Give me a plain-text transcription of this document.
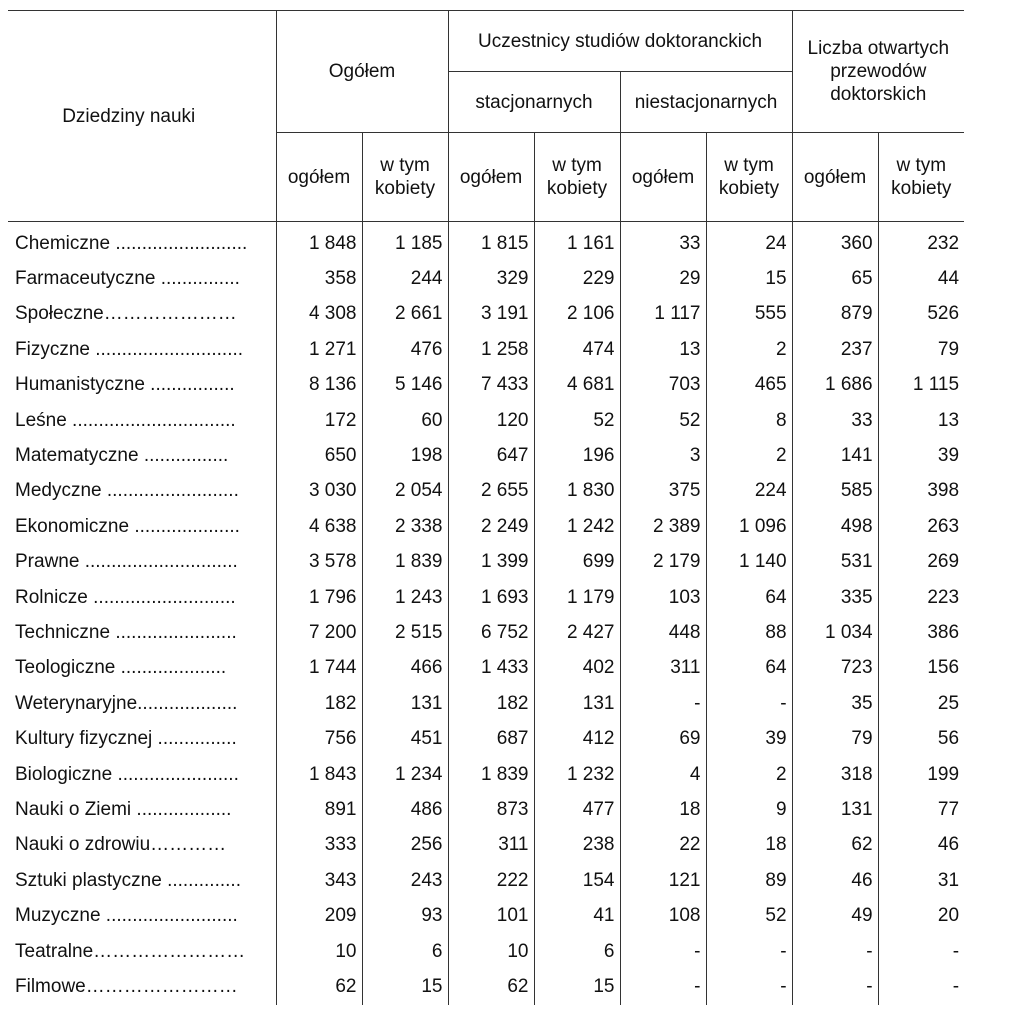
Dziedziny nauki	Ogółem		Uczestnicy studiów doktoranckich				Liczba otwartych przewodów doktorskich	
			stacjonarnych		niestacjonarnych			
	ogółem	w tym kobiety	ogółem	w tym kobiety	ogółem	w tym kobiety	ogółem	w tym kobiety
Chemiczne .........................	1 848	1 185	1 815	1 161	33	24	360	232
Farmaceutyczne ...............	358	244	329	229	29	15	65	44
Społeczne…………………	4 308	2 661	3 191	2 106	1 117	555	879	526
Fizyczne ............................	1 271	476	1 258	474	13	2	237	79
Humanistyczne ................	8 136	5 146	7 433	4 681	703	465	1 686	1 115
Leśne ...............................	172	60	120	52	52	8	33	13
Matematyczne ................	650	198	647	196	3	2	141	39
Medyczne .........................	3 030	2 054	2 655	1 830	375	224	585	398
Ekonomiczne ....................	4 638	2 338	2 249	1 242	2 389	1 096	498	263
Prawne .............................	3 578	1 839	1 399	699	2 179	1 140	531	269
Rolnicze ...........................	1 796	1 243	1 693	1 179	103	64	335	223
Techniczne .......................	7 200	2 515	6 752	2 427	448	88	1 034	386
Teologiczne ....................	1 744	466	1 433	402	311	64	723	156
Weterynaryjne...................	182	131	182	131	-	-	35	25
Kultury fizycznej ...............	756	451	687	412	69	39	79	56
Biologiczne .......................	1 843	1 234	1 839	1 232	4	2	318	199
Nauki o Ziemi ..................	891	486	873	477	18	9	131	77
Nauki o zdrowiu…………	333	256	311	238	22	18	62	46
Sztuki plastyczne ..............	343	243	222	154	121	89	46	31
Muzyczne .........................	209	93	101	41	108	52	49	20
Teatralne……………………	10	6	10	6	-	-	-	-
Filmowe……………………	62	15	62	15	-	-	-	-
